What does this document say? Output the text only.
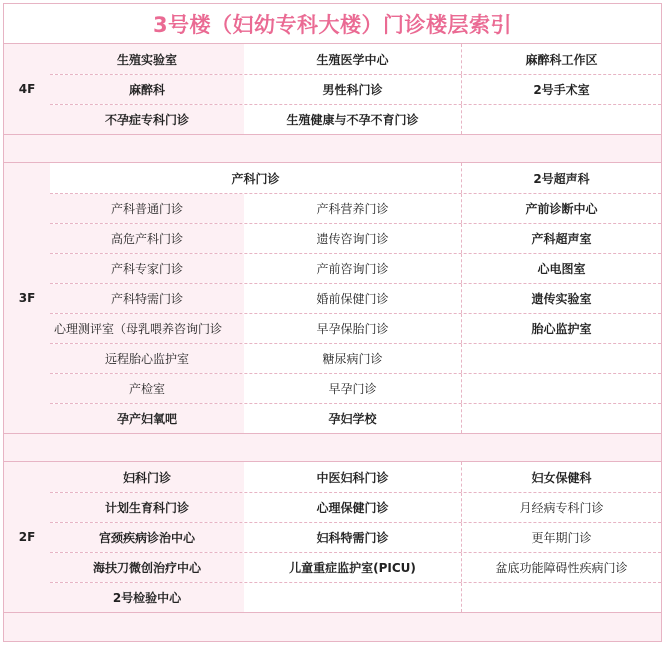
3号楼（妇幼专科大楼）门诊楼层索引
4F
生殖实验室	生殖医学中心	麻醉科工作区
麻醉科	男性科门诊	2号手术室
不孕症专科门诊	生殖健康与不孕不育门诊
3F
产科门诊	2号超声科
产科普通门诊	产科营养门诊	产前诊断中心
高危产科门诊	遗传咨询门诊	产科超声室
产科专家门诊	产前咨询门诊	心电图室
产科特需门诊	婚前保健门诊	遗传实验室
心理测评室（母乳喂养咨询门诊	早孕保胎门诊	胎心监护室
远程胎心监护室	糖尿病门诊
产检室	早孕门诊
孕产妇氧吧	孕妇学校
2F
妇科门诊	中医妇科门诊	妇女保健科
计划生育科门诊	心理保健门诊	月经病专科门诊
宫颈疾病诊治中心	妇科特需门诊	更年期门诊
海扶刀微创治疗中心	儿童重症监护室(PICU)	盆底功能障碍性疾病门诊
2号检验中心
